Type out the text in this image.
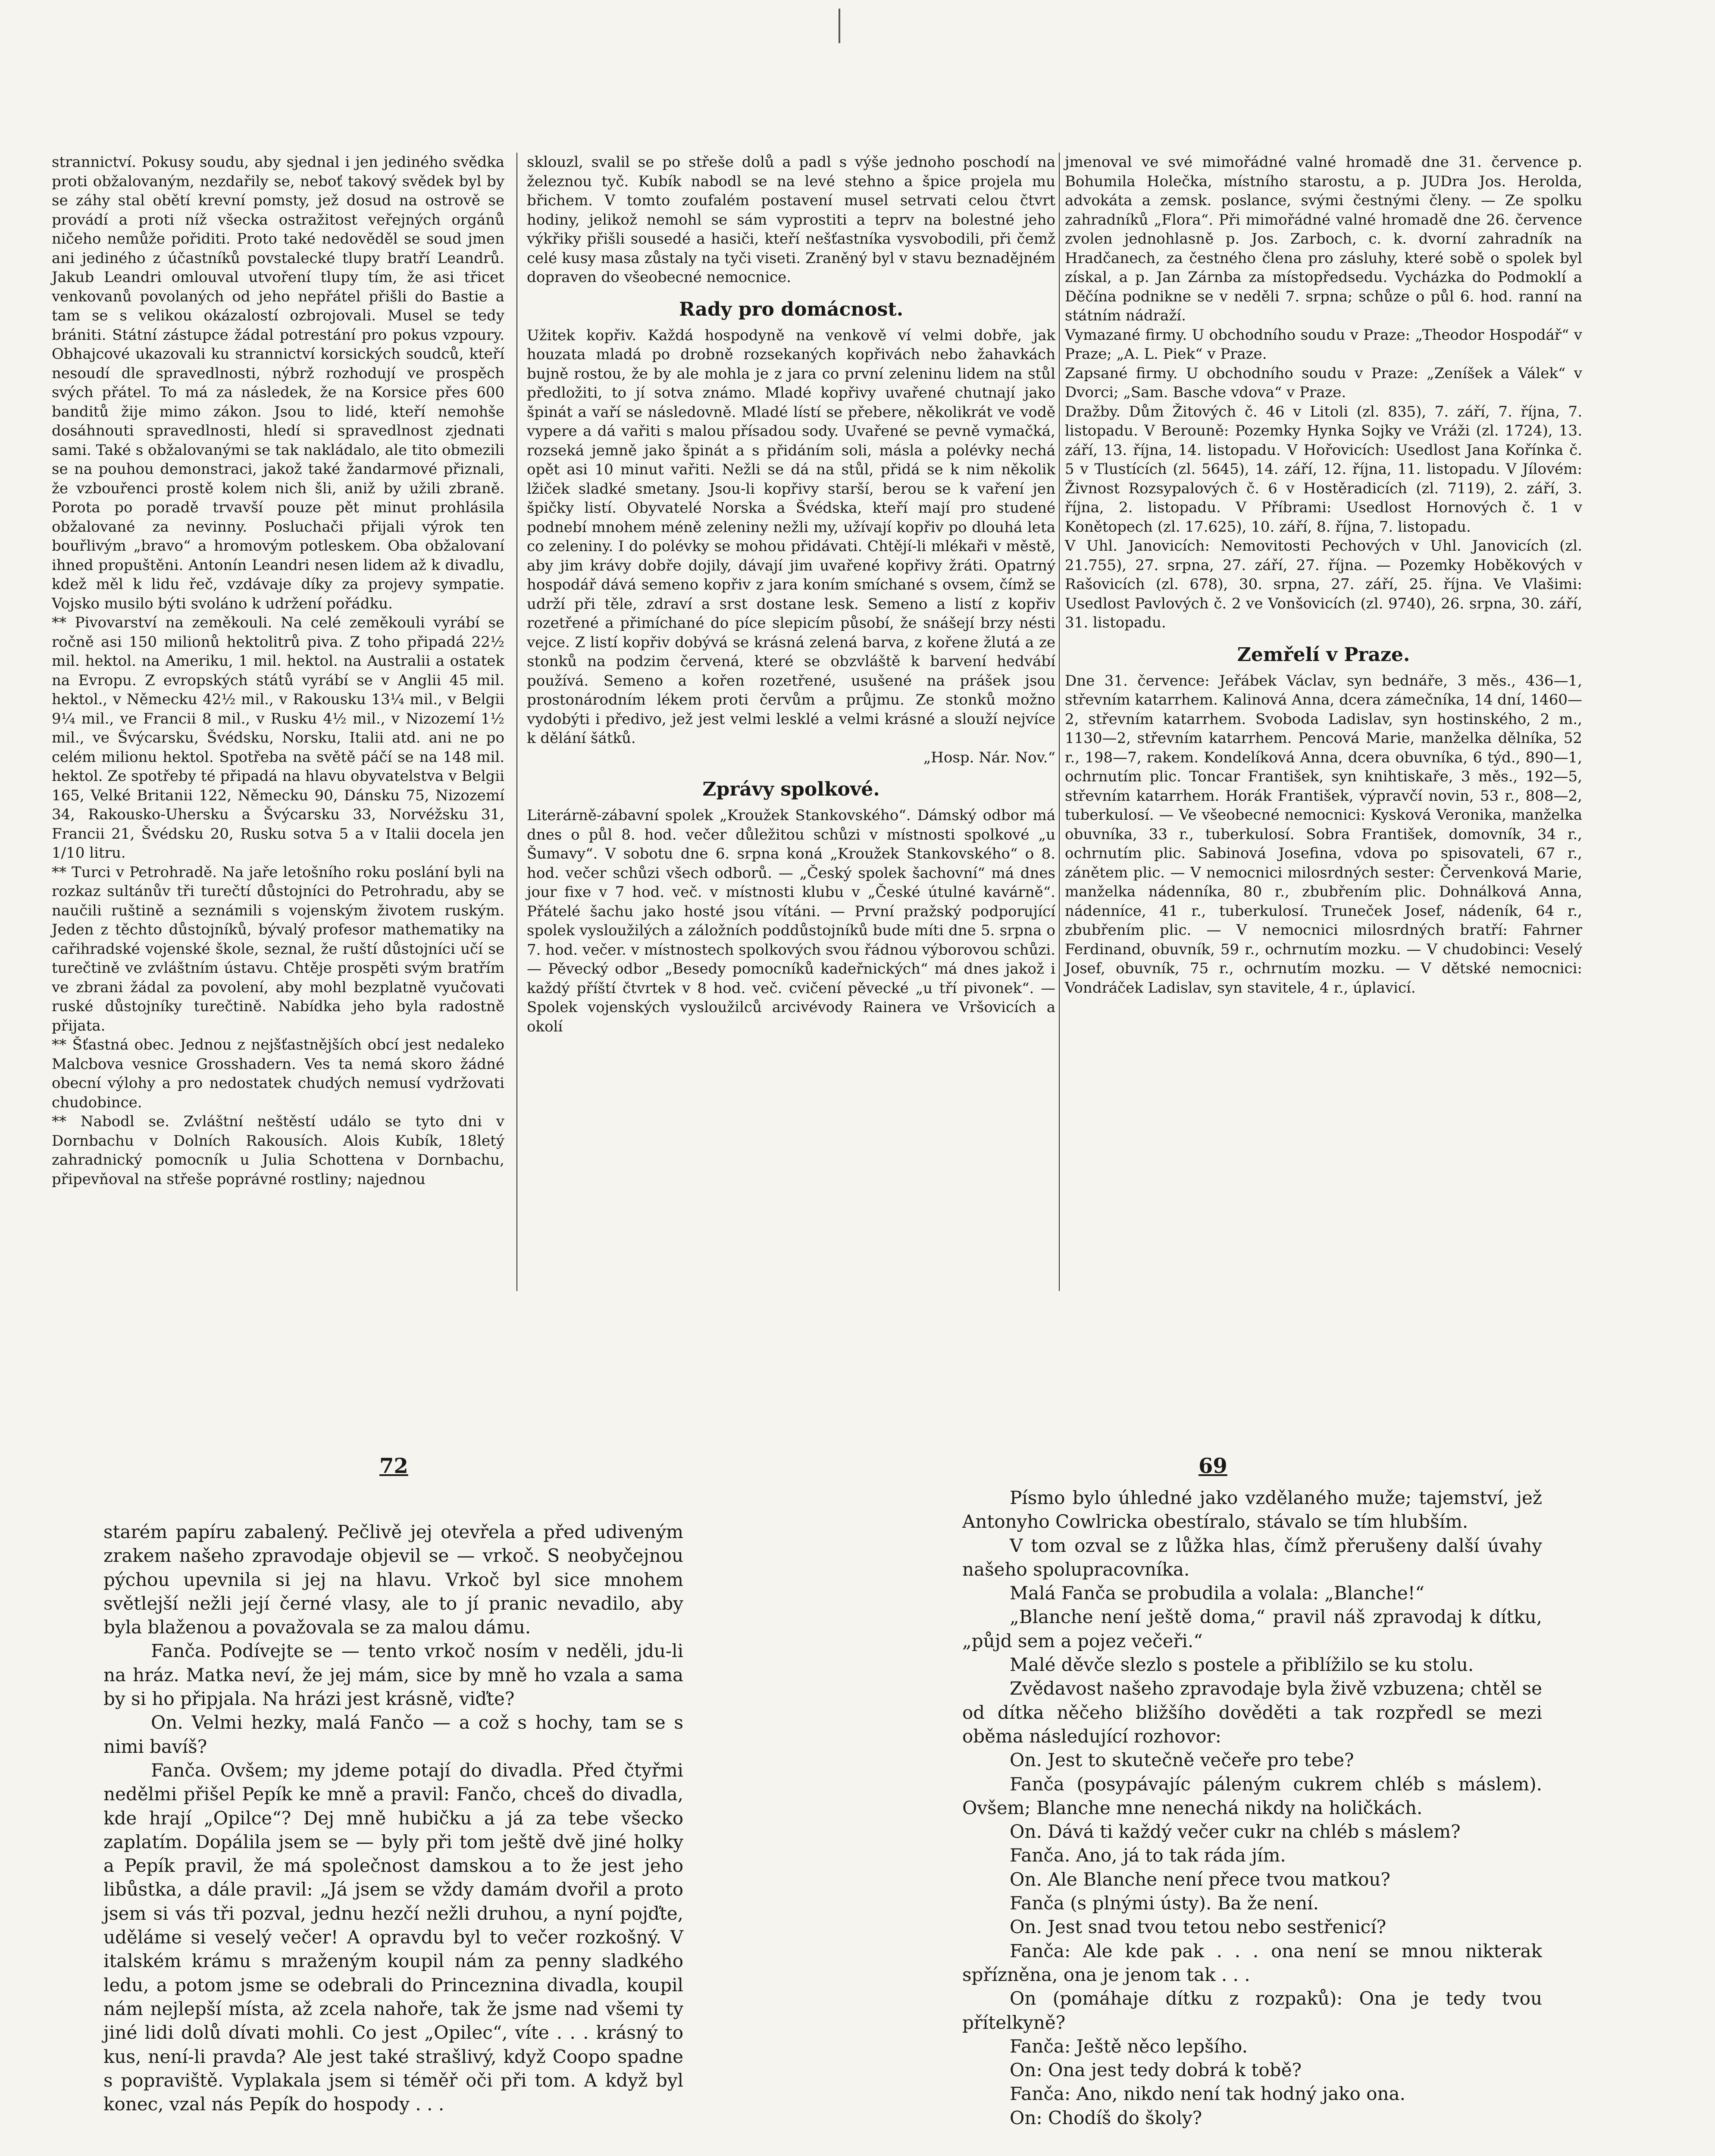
strannictví. Pokusy soudu, aby sjednal i jen jediného svědka proti obžalovaným, nezdařily se, neboť takový svědek byl by se záhy stal obětí krevní pomsty, jež dosud na ostrově se provádí a proti níž všecka ostražitost veřejných orgánů ničeho nemůže pořiditi. Proto také nedověděl se soud jmen ani jediného z účastníků povstalecké tlupy bratří Leandrů. Jakub Leandri omlouval utvoření tlupy tím, že asi třicet venkovanů povolaných od jeho nepřátel přišli do Bastie a tam se s velikou okázalostí ozbrojovali. Musel se tedy brániti. Státní zástupce žádal potrestání pro pokus vzpoury. Obhajcové ukazovali ku strannictví korsických soudců, kteří nesoudí dle spravedlnosti, nýbrž rozhodují ve prospěch svých přátel. To má za následek, že na Korsice přes 600 banditů žije mimo zákon. Jsou to lidé, kteří nemohše dosáhnouti spravedlnosti, hledí si spravedlnost zjednati sami. Také s obžalovanými se tak nakládalo, ale tito obmezili se na pouhou demonstraci, jakož také žandarmové přiznali, že vzbouřenci prostě kolem nich šli, aniž by užili zbraně. Porota po poradě trvavší pouze pět minut prohlásila obžalované za nevinny. Posluchači přijali výrok ten bouřlivým „bravo“ a hromovým potleskem. Oba obžalovaní ihned propuštěni. Antonín Leandri nesen lidem až k divadlu, kdež měl k lidu řeč, vzdávaje díky za projevy sympatie. Vojsko musilo býti svoláno k udržení pořádku.

** Pivovarství na zeměkouli. Na celé zeměkouli vyrábí se ročně asi 150 milionů hektolitrů piva. Z toho připadá 22½ mil. hektol. na Ameriku, 1 mil. hektol. na Australii a ostatek na Evropu. Z evropských států vyrábí se v Anglii 45 mil. hektol., v Německu 42½ mil., v Rakousku 13¼ mil., v Belgii 9¼ mil., ve Francii 8 mil., v Rusku 4½ mil., v Nizozemí 1½ mil., ve Švýcarsku, Švédsku, Norsku, Italii atd. ani ne po celém milionu hektol. Spotřeba na světě páčí se na 148 mil. hektol. Ze spotřeby té připadá na hlavu obyvatelstva v Belgii 165, Velké Britanii 122, Německu 90, Dánsku 75, Nizozemí 34, Rakousko-Uhersku a Švýcarsku 33, Norvéžsku 31, Francii 21, Švédsku 20, Rusku sotva 5 a v Italii docela jen 1/10 litru.

** Turci v Petrohradě. Na jaře letošního roku poslání byli na rozkaz sultánův tři turečtí důstojníci do Petrohradu, aby se naučili ruštině a seznámili s vojenským životem ruským. Jeden z těchto důstojníků, bývalý profesor mathematiky na cařihradské vojenské škole, seznal, že ruští důstojníci učí se turečtině ve zvláštním ústavu. Chtěje prospěti svým bratřím ve zbrani žádal za povolení, aby mohl bezplatně vyučovati ruské důstojníky turečtině. Nabídka jeho byla radostně přijata.

** Šťastná obec. Jednou z nejšťastnějších obcí jest nedaleko Malcbova vesnice Grosshadern. Ves ta nemá skoro žádné obecní výlohy a pro nedostatek chudých nemusí vydržovati chudobince.

** Nabodl se. Zvláštní neštěstí událo se tyto dni v Dornbachu v Dolních Rakousích. Alois Kubík, 18letý zahradnický pomocník u Julia Schottena v Dornbachu, připevňoval na střeše poprávné rostliny; najednou

sklouzl, svalil se po střeše dolů a padl s výše jednoho poschodí na železnou tyč. Kubík nabodl se na levé stehno a špice projela mu břichem. V tomto zoufalém postavení musel setrvati celou čtvrt hodiny, jelikož nemohl se sám vyprostiti a teprv na bolestné jeho výkřiky přišli sousedé a hasiči, kteří nešťastníka vysvobodili, při čemž celé kusy masa zůstaly na tyči viseti. Zraněný byl v stavu beznadějném dopraven do všeobecné nemocnice.

Rady pro domácnost.

Užitek kopřiv. Každá hospodyně na venkově ví velmi dobře, jak houzata mladá po drobně rozsekaných kopřivách nebo žahavkách bujně rostou, že by ale mohla je z jara co první zeleninu lidem na stůl předložiti, to jí sotva známo. Mladé kopřivy uvařené chutnají jako špinát a vaří se následovně. Mladé lístí se přebere, několikrát ve vodě vypere a dá vařiti s malou přísadou sody. Uvařené se pevně vymačká, rozseká jemně jako špinát a s přidáním soli, másla a polévky nechá opět asi 10 minut vařiti. Nežli se dá na stůl, přidá se k nim několik lžiček sladké smetany. Jsou-li kopřivy starší, berou se k vaření jen špičky listí. Obyvatelé Norska a Švédska, kteří mají pro studené podnebí mnohem méně zeleniny nežli my, užívají kopřiv po dlouhá leta co zeleniny. I do polévky se mohou přidávati. Chtějí-li mlékaři v městě, aby jim krávy dobře dojily, dávají jim uvařené kopřivy žráti. Opatrný hospodář dává semeno kopřiv z jara koním smíchané s ovsem, čímž se udrží při těle, zdraví a srst dostane lesk. Semeno a listí z kopřiv rozetřené a přimíchané do píce slepicím působí, že snášejí brzy nésti vejce. Z listí kopřiv dobývá se krásná zelená barva, z kořene žlutá a ze stonků na podzim červená, které se obzvláště k barvení hedvábí používá. Semeno a kořen rozetřené, usušené na prášek jsou prostonárodním lékem proti červům a průjmu. Ze stonků možno vydobýti i předivo, jež jest velmi lesklé a velmi krásné a slouží nejvíce k dělání šátků.

„Hosp. Nár. Nov.“

Zprávy spolkové.

Literárně-zábavní spolek „Kroužek Stankovského“. Dámský odbor má dnes o půl 8. hod. večer důležitou schůzi v místnosti spolkové „u Šumavy“. V sobotu dne 6. srpna koná „Kroužek Stankovského“ o 8. hod. večer schůzi všech odborů. — „Český spolek šachovní“ má dnes jour fixe v 7 hod. več. v místnosti klubu v „České útulné kavárně“. Přátelé šachu jako hosté jsou vítáni. — První pražský podporující spolek vysloužilých a záložních poddůstojníků bude míti dne 5. srpna o 7. hod. večer. v místnostech spolkových svou řádnou výborovou schůzi. — Pěvecký odbor „Besedy pomocníků kadeřnických“ má dnes jakož i každý příští čtvrtek v 8 hod. več. cvičení pěvecké „u tří pivonek“. — Spolek vojenských vysloužilců arcivévody Rainera ve Vršovicích a okolí

jmenoval ve své mimořádné valné hromadě dne 31. července p. Bohumila Holečka, místního starostu, a p. JUDra Jos. Herolda, advokáta a zemsk. poslance, svými čestnými členy. — Ze spolku zahradníků „Flora“. Při mimořádné valné hromadě dne 26. července zvolen jednohlasně p. Jos. Zarboch, c. k. dvorní zahradník na Hradčanech, za čestného člena pro zásluhy, které sobě o spolek byl získal, a p. Jan Zárnba za místopředsedu. Vycházka do Podmoklí a Děčína podnikne se v neděli 7. srpna; schůze o půl 6. hod. ranní na státním nádraží.

Vymazané firmy. U obchodního soudu v Praze: „Theodor Hospodář“ v Praze; „A. L. Piek“ v Praze.

Zapsané firmy. U obchodního soudu v Praze: „Zeníšek a Válek“ v Dvorci; „Sam. Basche vdova“ v Praze.

Dražby. Dům Žitových č. 46 v Litoli (zl. 835), 7. září, 7. října, 7. listopadu. V Berouně: Pozemky Hynka Sojky ve Vráži (zl. 1724), 13. září, 13. října, 14. listopadu. V Hořovicích: Usedlost Jana Kořínka č. 5 v Tlustících (zl. 5645), 14. září, 12. října, 11. listopadu. V Jílovém: Živnost Rozsypalových č. 6 v Hostěradicích (zl. 7119), 2. září, 3. října, 2. listopadu. V Příbrami: Usedlost Hornových č. 1 v Konětopech (zl. 17.625), 10. září, 8. října, 7. listopadu.

V Uhl. Janovicích: Nemovitosti Pechových v Uhl. Janovicích (zl. 21.755), 27. srpna, 27. září, 27. října. — Pozemky Hoběkových v Rašovicích (zl. 678), 30. srpna, 27. září, 25. října. Ve Vlašimi: Usedlost Pavlových č. 2 ve Vonšovicích (zl. 9740), 26. srpna, 30. září, 31. listopadu.

Zemřelí v Praze.

Dne 31. července: Jeřábek Václav, syn bednáře, 3 měs., 436—1, střevním katarrhem. Kalinová Anna, dcera zámečníka, 14 dní, 1460—2, střevním katarrhem. Svoboda Ladislav, syn hostinského, 2 m., 1130—2, střevním katarrhem. Pencová Marie, manželka dělníka, 52 r., 198—7, rakem. Kondelíková Anna, dcera obuvníka, 6 týd., 890—1, ochrnutím plic. Toncar František, syn knihtiskaře, 3 měs., 192—5, střevním katarrhem. Horák František, výpravčí novin, 53 r., 808—2, tuberkulosí. — Ve všeobecné nemocnici: Kysková Veronika, manželka obuvníka, 33 r., tuberkulosí. Sobra František, domovník, 34 r., ochrnutím plic. Sabinová Josefina, vdova po spisovateli, 67 r., zánětem plic. — V nemocnici milosrdných sester: Červenková Marie, manželka nádenníka, 80 r., zbubřením plic. Dohnálková Anna, nádenníce, 41 r., tuberkulosí. Truneček Josef, nádeník, 64 r., zbubřením plic. — V nemocnici milosrdných bratří: Fahrner Ferdinand, obuvník, 59 r., ochrnutím mozku. — V chudobinci: Veselý Josef, obuvník, 75 r., ochrnutím mozku. — V dětské nemocnici: Vondráček Ladislav, syn stavitele, 4 r., úplavicí.

72	69

starém papíru zabalený. Pečlivě jej otevřela a před udiveným zrakem našeho zpravodaje objevil se — vrkoč. S neobyčejnou pýchou upevnila si jej na hlavu. Vrkoč byl sice mnohem světlejší nežli její černé vlasy, ale to jí pranic nevadilo, aby byla blaženou a považovala se za malou dámu.

Fanča. Podívejte se — tento vrkoč nosím v neděli, jdu-li na hráz. Matka neví, že jej mám, sice by mně ho vzala a sama by si ho připjala. Na hrázi jest krásně, viďte?

On. Velmi hezky, malá Fančo — a což s hochy, tam se s nimi bavíš?

Fanča. Ovšem; my jdeme potají do divadla. Před čtyřmi nedělmi přišel Pepík ke mně a pravil: Fančo, chceš do divadla, kde hrají „Opilce“? Dej mně hubičku a já za tebe všecko zaplatím. Dopálila jsem se — byly při tom ještě dvě jiné holky a Pepík pravil, že má společnost damskou a to že jest jeho libůstka, a dále pravil: „Já jsem se vždy damám dvořil a proto jsem si vás tři pozval, jednu hezčí nežli druhou, a nyní pojďte, uděláme si veselý večer! A opravdu byl to večer rozkošný. V italském krámu s mraženým koupil nám za penny sladkého ledu, a potom jsme se odebrali do Princeznina divadla, koupil nám nejlepší místa, až zcela nahoře, tak že jsme nad všemi ty jiné lidi dolů dívati mohli. Co jest „Opilec“, víte . . . krásný to kus, není-li pravda? Ale jest také strašlivý, když Coopo spadne s popraviště. Vyplakala jsem si téměř oči při tom. A když byl konec, vzal nás Pepík do hospody . . .

Písmo bylo úhledné jako vzdělaného muže; tajemství, jež Antonyho Cowlricka obestíralo, stávalo se tím hlubším.

V tom ozval se z lůžka hlas, čímž přerušeny další úvahy našeho spolupracovníka.

Malá Fanča se probudila a volala: „Blanche!“

„Blanche není ještě doma,“ pravil náš zpravodaj k dítku, „půjd sem a pojez večeři.“

Malé děvče slezlo s postele a přiblížilo se ku stolu.

Zvědavost našeho zpravodaje byla živě vzbuzena; chtěl se od dítka něčeho bližšího dověděti a tak rozpředl se mezi oběma následující rozhovor:

On. Jest to skutečně večeře pro tebe?

Fanča (posypávajíc páleným cukrem chléb s máslem). Ovšem; Blanche mne nenechá nikdy na holičkách.

On. Dává ti každý večer cukr na chléb s máslem?

Fanča. Ano, já to tak ráda jím.

On. Ale Blanche není přece tvou matkou?

Fanča (s plnými ústy). Ba že není.

On. Jest snad tvou tetou nebo sestřenicí?

Fanča: Ale kde pak . . . ona není se mnou nikterak spřízněna, ona je jenom tak . . .

On (pomáhaje dítku z rozpaků): Ona je tedy tvou přítelkyně?

Fanča: Ještě něco lepšího.

On: Ona jest tedy dobrá k tobě?

Fanča: Ano, nikdo není tak hodný jako ona.

On: Chodíš do školy?
